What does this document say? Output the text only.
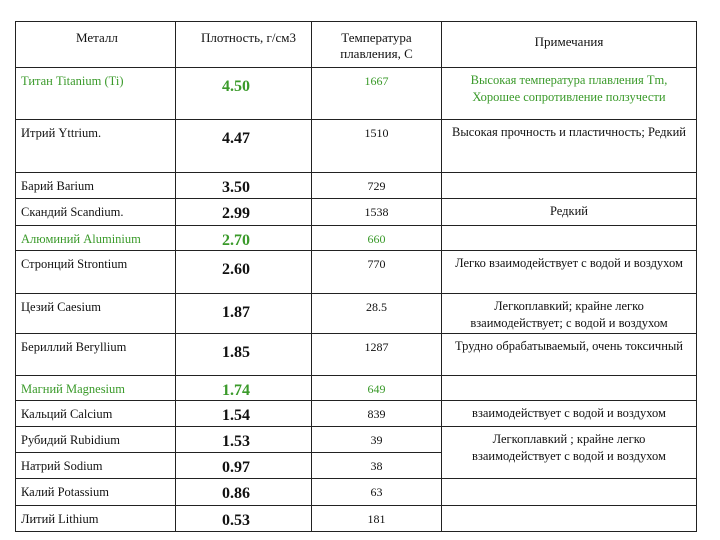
Металл	Плотность, г/см3	Температура плавления, С	Примечания
Титан Titanium (Ti)	4.50	1667	Высокая температура плавления Тm, Хорошее сопротивление ползучести
Итрий Yttrium.	4.47	1510	Высокая прочность и пластичность; Редкий
Барий Barium	3.50	729	
Скандий Scandium.	2.99	1538	Редкий
Алюминий Aluminium	2.70	660	
Стронций Strontium	2.60	770	Легко взаимодействует с водой и воздухом
Цезий Caesium	1.87	28.5	Легкоплавкий; крайне легко взаимодействует; с водой и воздухом
Бериллий Beryllium	1.85	1287	Трудно обрабатываемый, очень токсичный
Магний Magnesium	1.74	649	
Кальций Calcium	1.54	839	взаимодействует с водой и воздухом
Рубидий Rubidium	1.53	39	Легкоплавкий ; крайне легко взаимодействует с водой и воздухом
Натрий Sodium	0.97	38	
Калий Potassium	0.86	63	
Литий Lithium	0.53	181	
